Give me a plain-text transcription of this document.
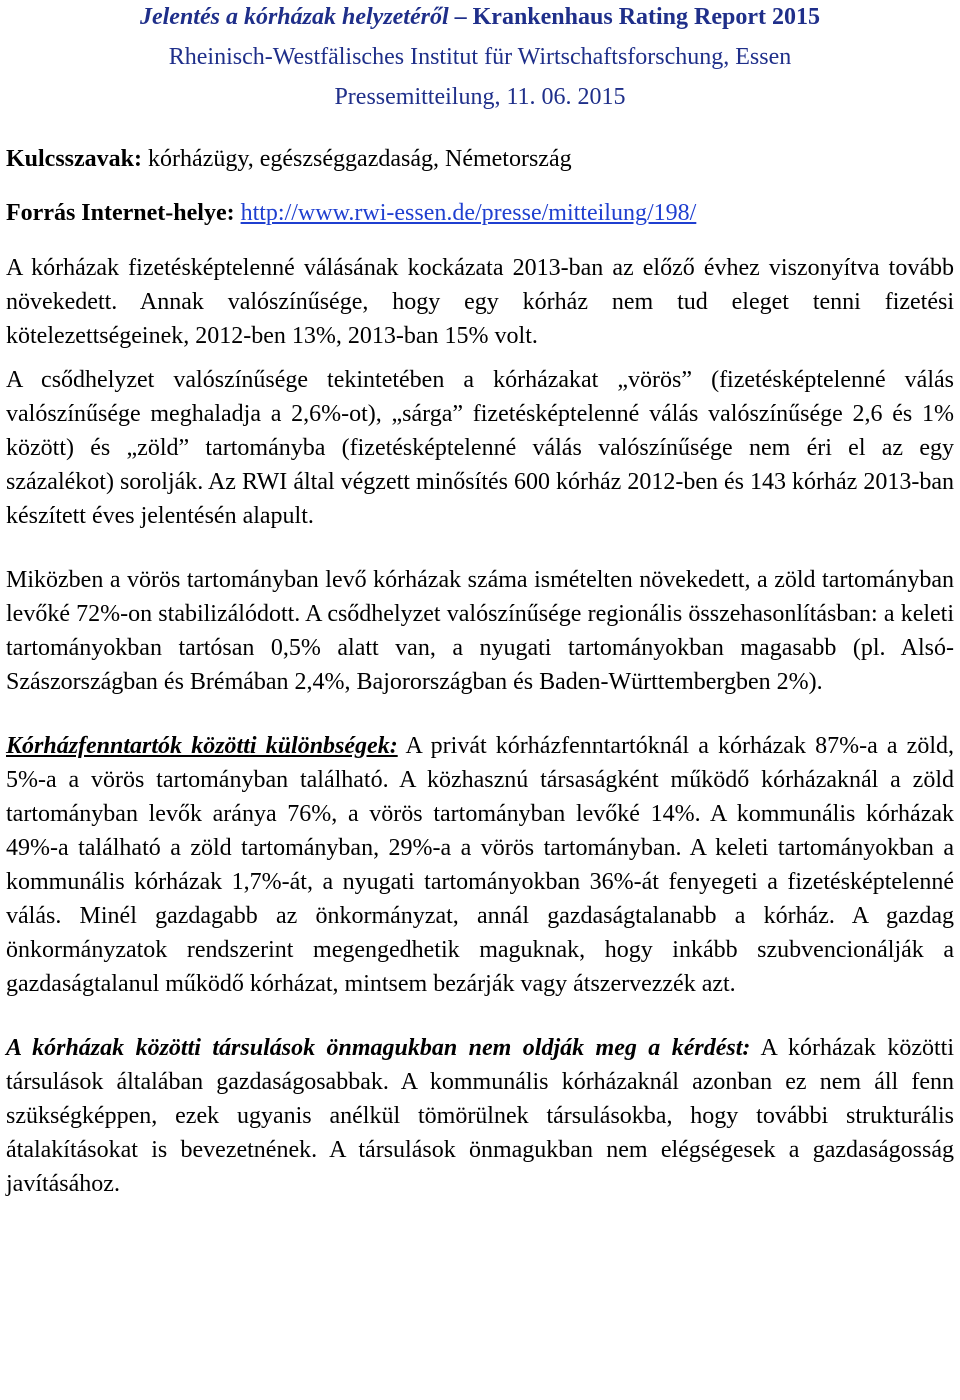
Jelentés a kórházak helyzetéről – Krankenhaus Rating Report 2015
Rheinisch-Westfälisches Institut für Wirtschaftsforschung, Essen
Pressemitteilung, 11. 06. 2015
Kulcsszavak: kórházügy, egészséggazdaság, Németország
Forrás Internet-helye: http://www.rwi-essen.de/presse/mitteilung/198/

A kórházak fizetésképtelenné válásának kockázata 2013-ban az előző évhez viszonyítva tovább növekedett. Annak valószínűsége, hogy egy kórház nem tud eleget tenni fizetési kötelezettségeinek, 2012-ben 13%, 2013-ban 15% volt.

A csődhelyzet valószínűsége tekintetében a kórházakat „vörös” (fizetésképtelenné válás valószínűsége meghaladja a 2,6%-ot), „sárga” fizetésképtelenné válás valószínűsége 2,6 és 1% között) és „zöld” tartományba (fizetésképtelenné válás valószínűsége nem éri el az egy százalékot) sorolják. Az RWI által végzett minősítés 600 kórház 2012-ben és 143 kórház 2013-ban készített éves jelentésén alapult.

Miközben a vörös tartományban levő kórházak száma ismételten növekedett, a zöld tartományban levőké 72%-on stabilizálódott. A csődhelyzet valószínűsége regionális összehasonlításban: a keleti tartományokban tartósan 0,5% alatt van, a nyugati tartományokban magasabb (pl. Alsó-Szászországban és Brémában 2,4%, Bajorországban és Baden-Württembergben 2%).

Kórházfenntartók közötti különbségek: A privát kórházfenntartóknál a kórházak 87%-a a zöld, 5%-a a vörös tartományban található. A közhasznú társaságként működő kórházaknál a zöld tartományban levők aránya 76%, a vörös tartományban levőké 14%. A kommunális kórházak 49%-a található a zöld tartományban, 29%-a a vörös tartományban. A keleti tartományokban a kommunális kórházak 1,7%-át, a nyugati tartományokban 36%-át fenyegeti a fizetésképtelenné válás. Minél gazdagabb az önkormányzat, annál gazdaságtalanabb a kórház. A gazdag önkormányzatok rendszerint megengedhetik maguknak, hogy inkább szubvencionálják a gazdaságtalanul működő kórházat, mintsem bezárják vagy átszervezzék azt.

A kórházak közötti társulások önmagukban nem oldják meg a kérdést: A kórházak közötti társulások általában gazdaságosabbak. A kommunális kórházaknál azonban ez nem áll fenn szükségképpen, ezek ugyanis anélkül tömörülnek társulásokba, hogy további strukturális átalakításokat is bevezetnének. A társulások önmagukban nem elégségesek a gazdaságosság javításához.
